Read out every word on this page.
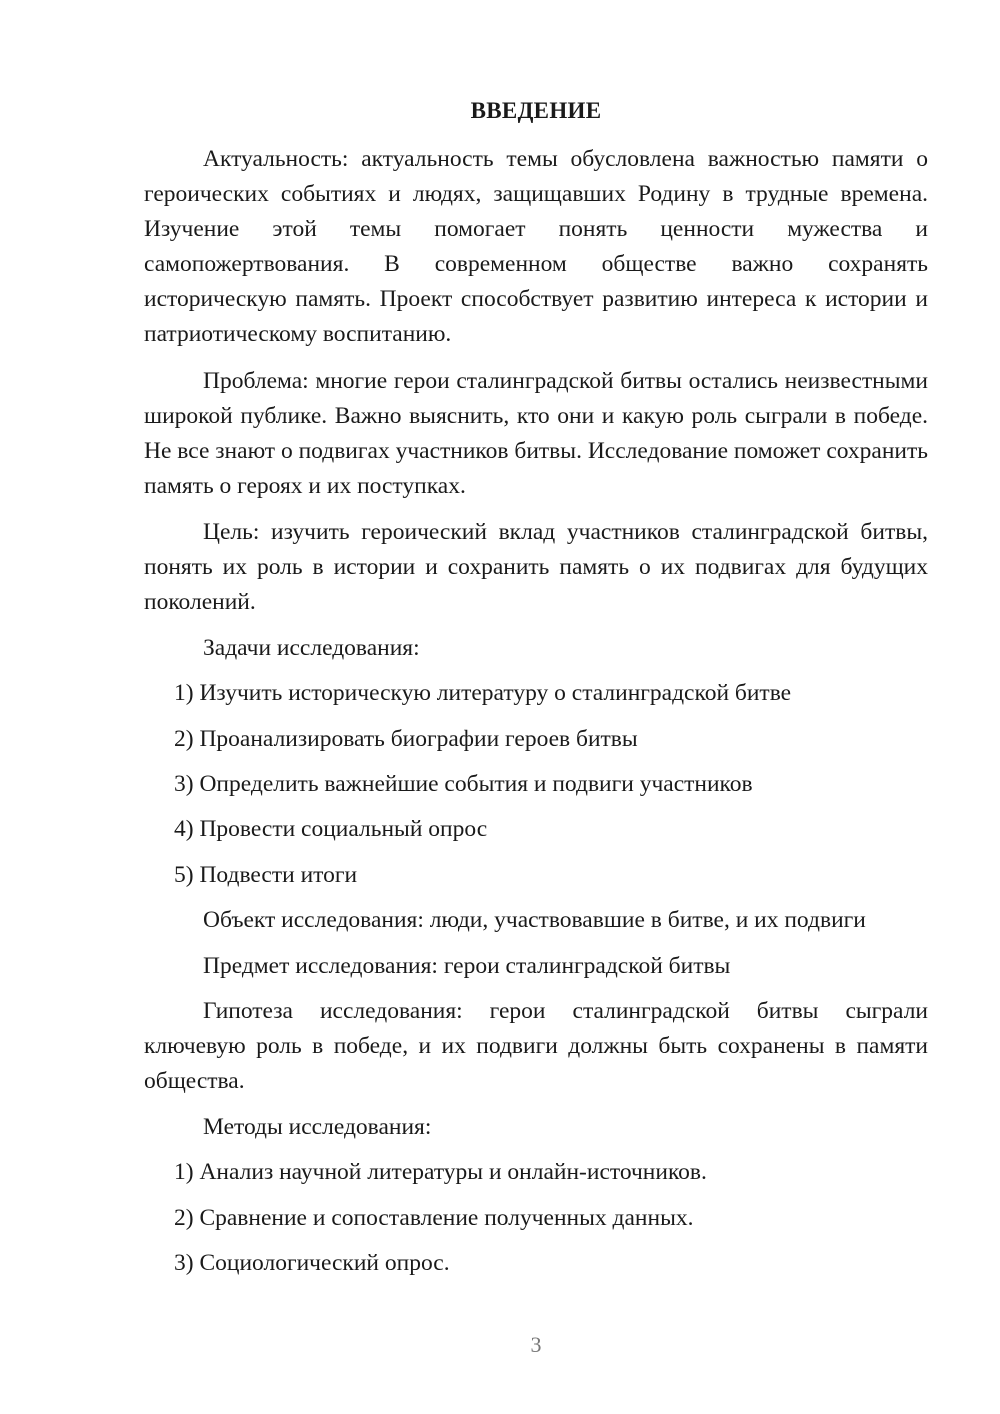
ВВЕДЕНИЕ

Актуальность: актуальность темы обусловлена важностью памяти о героических событиях и людях, защищавших Родину в трудные времена. Изучение этой темы помогает понять ценности мужества и самопожертвования. В современном обществе важно сохранять историческую память. Проект способствует развитию интереса к истории и патриотическому воспитанию.

Проблема: многие герои сталинградской битвы остались неизвестными широкой публике. Важно выяснить, кто они и какую роль сыграли в победе. Не все знают о подвигах участников битвы. Исследование поможет сохранить память о героях и их поступках.

Цель: изучить героический вклад участников сталинградской битвы, понять их роль в истории и сохранить память о их подвигах для будущих поколений.

Задачи исследования:
1) Изучить историческую литературу о сталинградской битве
2) Проанализировать биографии героев битвы
3) Определить важнейшие события и подвиги участников
4) Провести социальный опрос
5) Подвести итоги
Объект исследования: люди, участвовавшие в битве, и их подвиги
Предмет исследования: герои сталинградской битвы

Гипотеза исследования: герои сталинградской битвы сыграли ключевую роль в победе, и их подвиги должны быть сохранены в памяти общества.

Методы исследования:
1) Анализ научной литературы и онлайн-источников.
2) Сравнение и сопоставление полученных данных.
3) Социологический опрос.
3
